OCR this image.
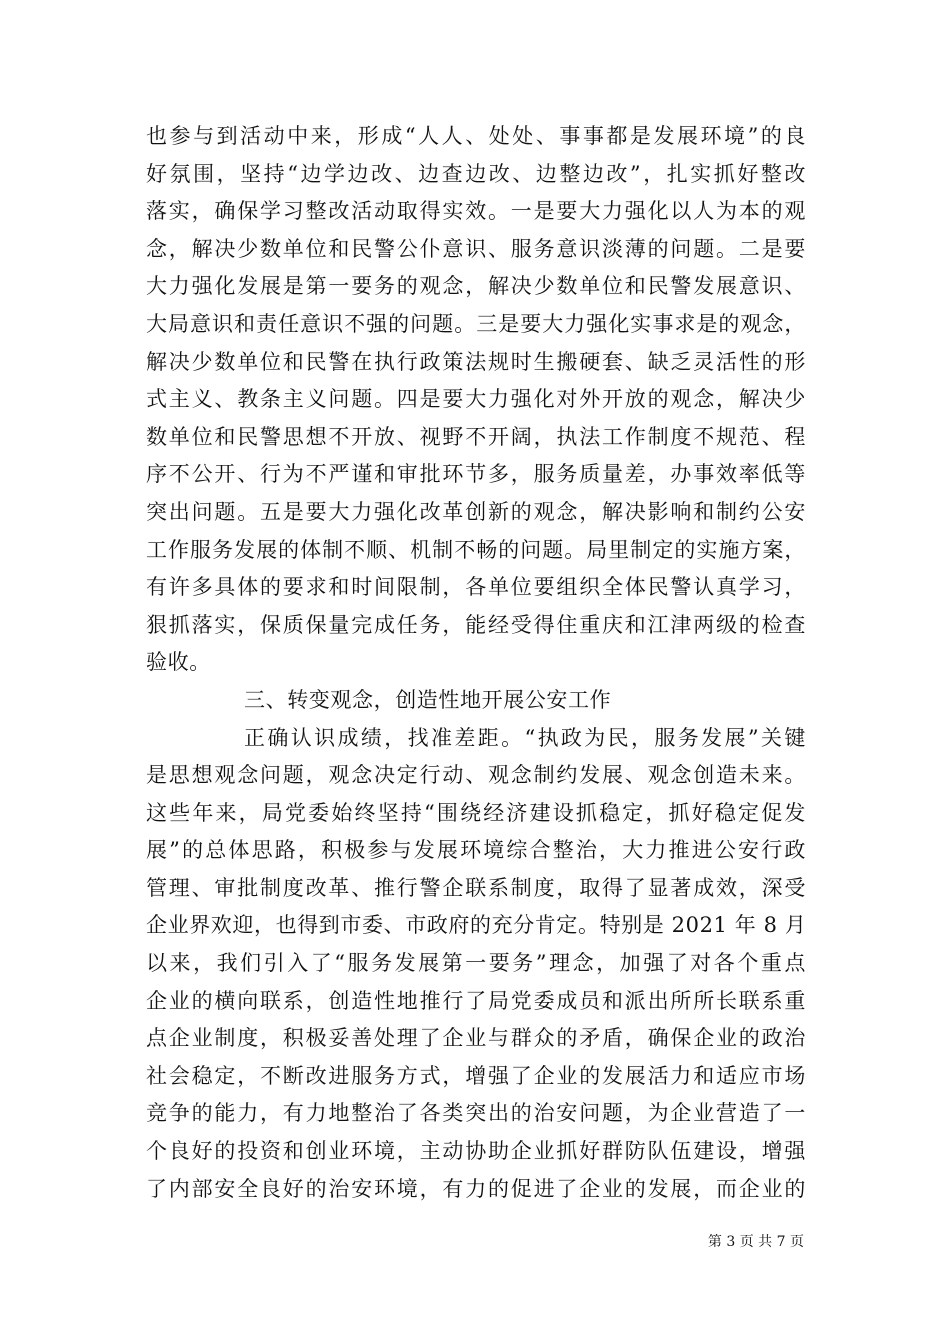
也参与到活动中来，形成“人人、处处、事事都是发展环境”的良
好氛围，坚持“边学边改、边查边改、边整边改”，扎实抓好整改
落实，确保学习整改活动取得实效。一是要大力强化以人为本的观
念，解决少数单位和民警公仆意识、服务意识淡薄的问题。二是要
大力强化发展是第一要务的观念，解决少数单位和民警发展意识、
大局意识和责任意识不强的问题。三是要大力强化实事求是的观念，
解决少数单位和民警在执行政策法规时生搬硬套、缺乏灵活性的形
式主义、教条主义问题。四是要大力强化对外开放的观念，解决少
数单位和民警思想不开放、视野不开阔，执法工作制度不规范、程
序不公开、行为不严谨和审批环节多，服务质量差，办事效率低等
突出问题。五是要大力强化改革创新的观念，解决影响和制约公安
工作服务发展的体制不顺、机制不畅的问题。局里制定的实施方案，
有许多具体的要求和时间限制，各单位要组织全体民警认真学习，
狠抓落实，保质保量完成任务，能经受得住重庆和江津两级的检查
验收。
三、转变观念，创造性地开展公安工作
正确认识成绩，找准差距。“执政为民，服务发展”关键
是思想观念问题，观念决定行动、观念制约发展、观念创造未来。
这些年来，局党委始终坚持“围绕经济建设抓稳定，抓好稳定促发
展”的总体思路，积极参与发展环境综合整治，大力推进公安行政
管理、审批制度改革、推行警企联系制度，取得了显著成效，深受
企业界欢迎，也得到市委、市政府的充分肯定。特别是 2021 年 8 月
以来，我们引入了“服务发展第一要务”理念，加强了对各个重点
企业的横向联系，创造性地推行了局党委成员和派出所所长联系重
点企业制度，积极妥善处理了企业与群众的矛盾，确保企业的政治
社会稳定，不断改进服务方式，增强了企业的发展活力和适应市场
竞争的能力，有力地整治了各类突出的治安问题，为企业营造了一
个良好的投资和创业环境，主动协助企业抓好群防队伍建设，增强
了内部安全良好的治安环境，有力的促进了企业的发展，而企业的
第 3 页 共 7 页
